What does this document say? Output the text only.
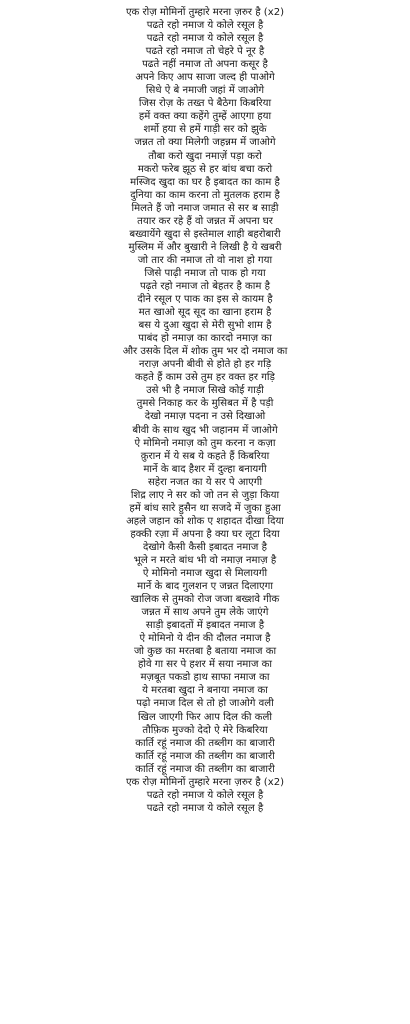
एक रोज़ मोमिनों तुम्हारे मरना ज़रुर है (x2)
पढते रहो नमाज ये कोले रसूल है
पढते रहो नमाज ये कोले रसूल है
पढते रहो नमाज तो चेहरे पे नूर है
पढते नहीं नमाज तो अपना कसूर है
अपने किए आप साजा जल्द ही पाओगे
सिधे ऐ बे नमाजी जहां में जाओगे
जिस रोज़ के तख्त पे बैठेगा किबरिया
हमें वक्त क्या कहेंगे तुम्हें आएगा हया
शर्मो हया से हमें गाड़ी सर को झुके
जन्नत तो क्या मिलेगी जहन्नम में जाओगे
तौबा करो खुदा नमाज़ें पड़ा करो
मकरो फरेब झूठ से हर बांध बचा करो
मस्जिद खुदा का घर है इबादत का काम है
दुनिया का काम करना तो मुतलक हराम है
मिलते हैं जो नमाज जमात से सर ब साड़ी
तयार कर रहे हैं वो जन्नत में अपना घर
बख्वायेंगे खुदा से इस्तेमाल शाही बहरोबारी
मुस्लिम में और बुखारी ने लिखी है ये खबरी
जो तार की नमाज तो वो नाश हो गया
जिसे पाढ़ी नमाज तो पाक हो गया
पढ़ते रहो नमाज तो बेहतर है काम है
दीने रसूल ए पाक का इस से कायम है
मत खाओ सूद सूद का खाना हराम है
बस ये दुआ खुदा से मेरी सुभो शाम है
पाबंद हो नमाज़ का कारदो नमाज़ का
और उसके दिल में शोक तुम भर दो नमाज का
नराज़ अपनी बीवी से होते हो हर गड़ि
कहते हैं काम उसे तुम हर वक्त हर गड़ि
उसे भी है नमाज सिखे कोई गाड़ी
तुमसे निकाह कर के मुसिबत में है पड़ी
देखो नमाज़ पदना न उसे दिखाओ
बीवी के साथ खुद भी जहानम में जाओगे
ऐ मोमिनो नमाज़ को तुम करना न कज़ा
क़ुरान में ये सब ये कहते हैं किबरिया
मार्ने के बाद हैशर में दुल्हा बनायगी
सहेरा नजत का ये सर पे आएगी
शिद्र लाए ने सर को जो तन से जुड़ा किया
हमें बांध सारे हुसैन था सजदे में जुका हुआ
अहले जहान को शोक ए शहादत दीखा दिया
हक्की रज़ा में अपना है क्या घर लूटा दिया
देखोगे कैसी कैसी इबादत नमाज है
भूले न मरते बांध भी वो नमाज़ नमाज़ है
ऐ मोमिनो नमाज खुदा से मिलायगी
मार्ने के बाद गुलशन ए जन्नत दिलाएगा
खालिक से तुमको रोज जजा बख्शवे गीक
जन्नत में साथ अपने तुम लेके जाएंगे
साड़ी इबादतों में इबादत नमाज है
ऐ मोमिनो ये दीन की दौलत नमाज है
जो कुछ का मरतबा है बताया नमाज का
होवे गा सर पे हशर में सया नमाज का
मज़बूत पकडो हाथ साफा नमाज का
ये मरतबा खुदा ने बनाया नमाज का
पढ़ो नमाज दिल से तो हो जाओगे वली
खिल जाएगी फिर आप दिल की कली
तौफ़िक मुज्को देदो ऐ मेरे किबरिया
कार्ति रहूं नमाज की तब्लीग का बाजारी
कार्ति रहूं नमाज की तब्लीग का बाजारी
कार्ति रहूं नमाज की तब्लीग का बाजारी
एक रोज़ मोमिनों तुम्हारे मरना ज़रुर है (x2)
पढते रहो नमाज ये कोले रसूल है
पढते रहो नमाज ये कोले रसूल है
